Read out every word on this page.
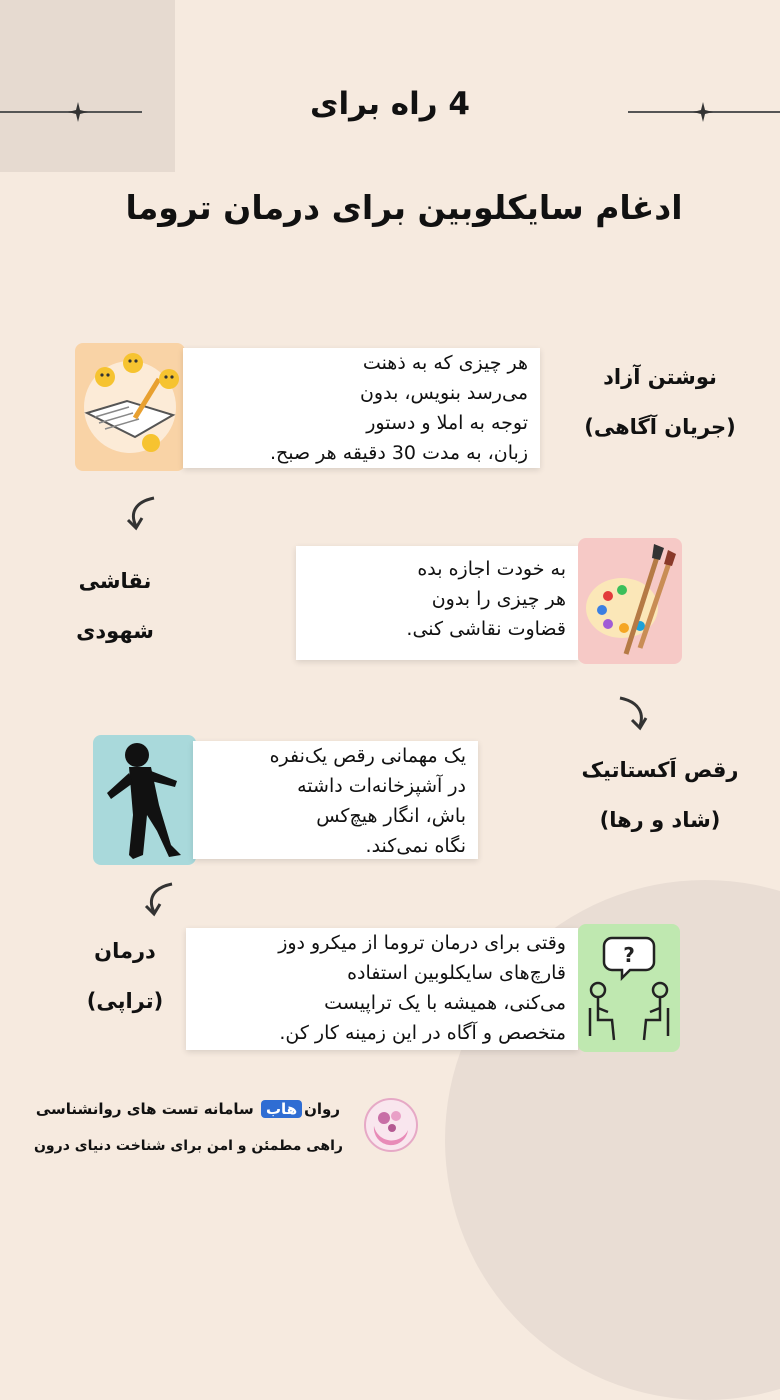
4 راه برای
ادغام سایکلوبین برای درمان تروما
هر چیزی که به ذهنت
می‌رسد بنویس، بدون
توجه به املا و دستور
زبان، به مدت 30 دقیقه هر صبح.
نوشتن آزاد
(جریان آگاهی)
نقاشی
شهودی
به خودت اجازه بده
هر چیزی را بدون
قضاوت نقاشی کنی.
یک مهمانی رقص یک‌نفره
در آشپزخانه‌ات داشته
باش، انگار هیچ‌کس
نگاه نمی‌کند.
رقص اَکستاتیک
(شاد و رها)
درمان
(تراپی)
وقتی برای درمان تروما از میکرو دوز
قارچ‌های سایکلوبین استفاده
می‌کنی، همیشه با یک تراپیست
متخصص و آگاه در این زمینه کار کن.
?
روانهاب سامانه تست های روانشناسی
راهی مطمئن و امن برای شناخت دنیای درون
